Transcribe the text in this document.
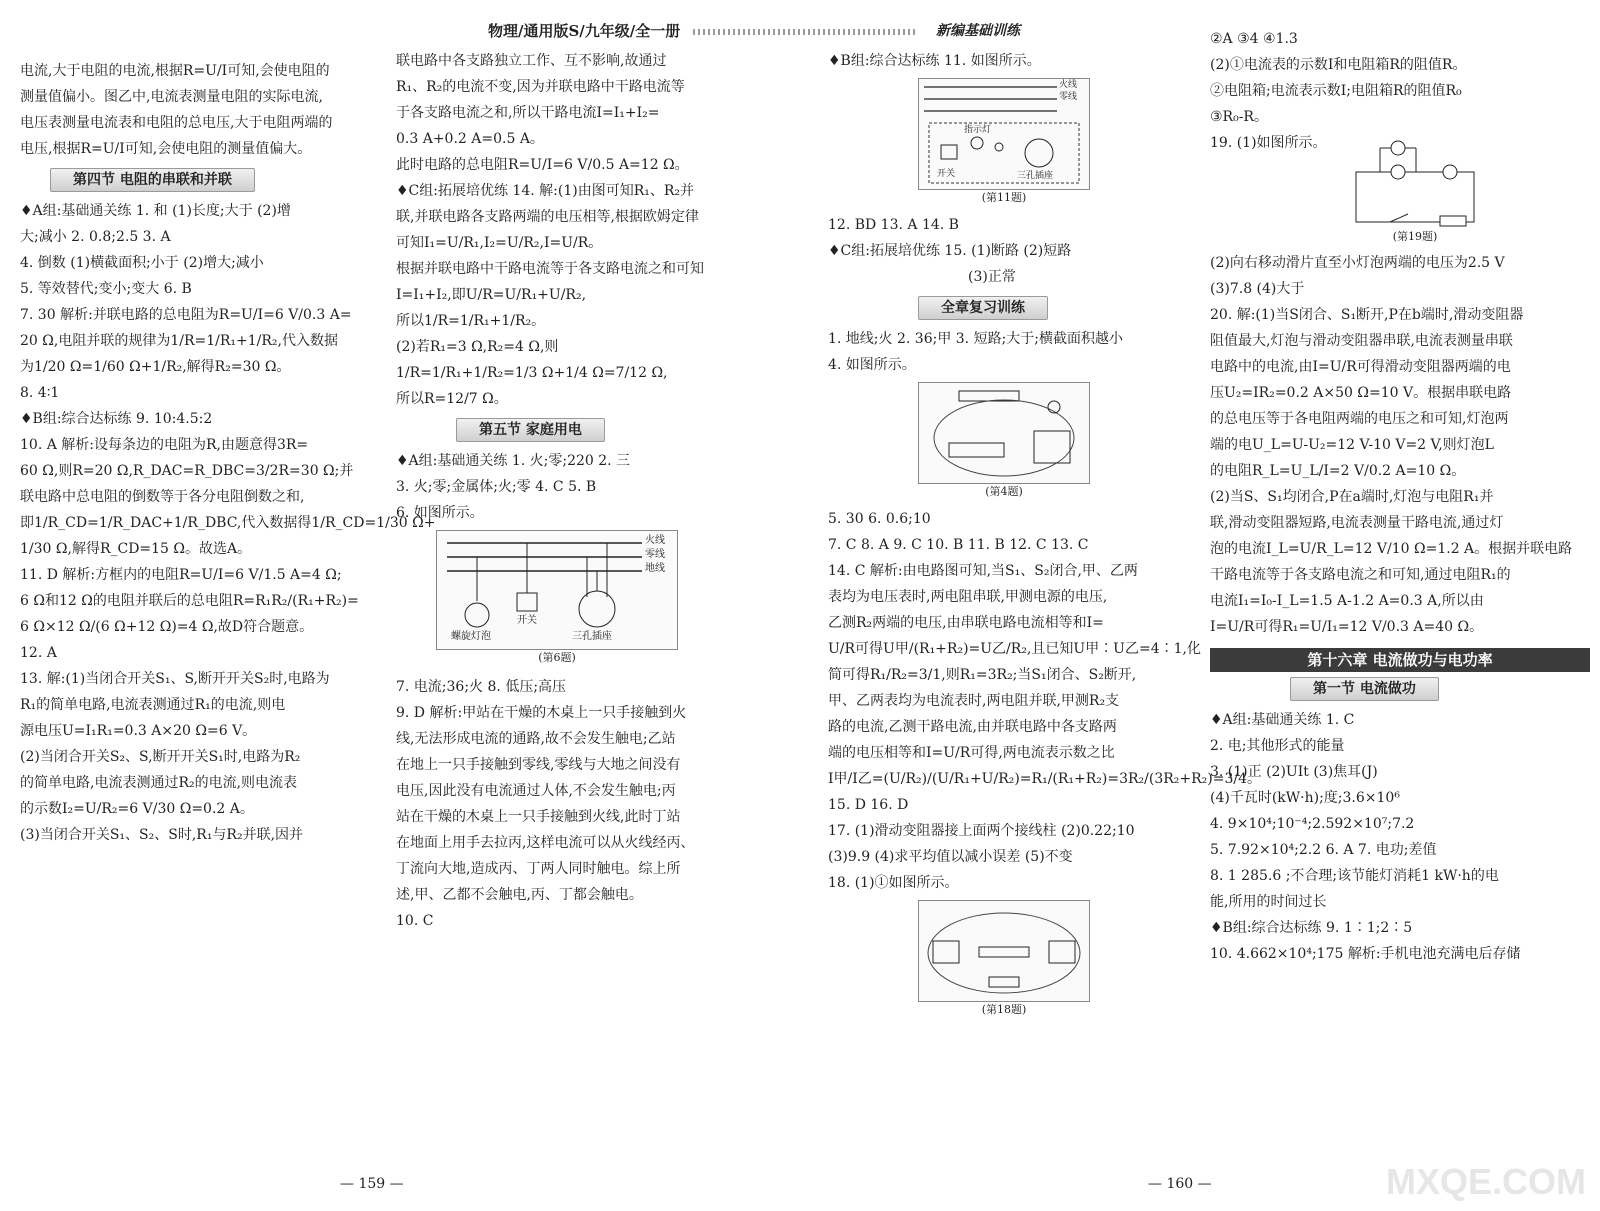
物理/通用版S/九年级/全一册	新编基础训练

电流,大于电阻的电流,根据R=U/I可知,会使电阻的

测量值偏小。图乙中,电流表测量电阻的实际电流,

电压表测量电流表和电阻的总电压,大于电阻两端的

电压,根据R=U/I可知,会使电阻的测量值偏大。

第四节 电阻的串联和并联

♦A组:基础通关练 1. 和 (1)长度;大于 (2)增

大;减小 2. 0.8;2.5 3. A

4. 倒数 (1)横截面积;小于 (2)增大;减小

5. 等效替代;变小;变大 6. B

7. 30 解析:并联电路的总电阻为R=U/I=6 V/0.3 A=

20 Ω,电阻并联的规律为1/R=1/R₁+1/R₂,代入数据

为1/20 Ω=1/60 Ω+1/R₂,解得R₂=30 Ω。

8. 4∶1

♦B组:综合达标练 9. 10:4.5:2

10. A 解析:设每条边的电阻为R,由题意得3R=

60 Ω,则R=20 Ω,R_DAC=R_DBC=3/2R=30 Ω;并

联电路中总电阻的倒数等于各分电阻倒数之和,

即1/R_CD=1/R_DAC+1/R_DBC,代入数据得1/R_CD=1/30 Ω+

1/30 Ω,解得R_CD=15 Ω。故选A。

11. D 解析:方框内的电阻R=U/I=6 V/1.5 A=4 Ω;

6 Ω和12 Ω的电阻并联后的总电阻R=R₁R₂/(R₁+R₂)=

6 Ω×12 Ω/(6 Ω+12 Ω)=4 Ω,故D符合题意。

12. A

13. 解:(1)当闭合开关S₁、S,断开开关S₂时,电路为

R₁的简单电路,电流表测通过R₁的电流,则电

源电压U=I₁R₁=0.3 A×20 Ω=6 V。

(2)当闭合开关S₂、S,断开开关S₁时,电路为R₂

的简单电路,电流表测通过R₂的电流,则电流表

的示数I₂=U/R₂=6 V/30 Ω=0.2 A。

(3)当闭合开关S₁、S₂、S时,R₁与R₂并联,因并

联电路中各支路独立工作、互不影响,故通过

R₁、R₂的电流不变,因为并联电路中干路电流等

于各支路电流之和,所以干路电流I=I₁+I₂=

0.3 A+0.2 A=0.5 A。

此时电路的总电阻R=U/I=6 V/0.5 A=12 Ω。

♦C组:拓展培优练 14. 解:(1)由图可知R₁、R₂并

联,并联电路各支路两端的电压相等,根据欧姆定律

可知I₁=U/R₁,I₂=U/R₂,I=U/R。

根据并联电路中干路电流等于各支路电流之和可知

I=I₁+I₂,即U/R=U/R₁+U/R₂,

所以1/R=1/R₁+1/R₂。

(2)若R₁=3 Ω,R₂=4 Ω,则

1/R=1/R₁+1/R₂=1/3 Ω+1/4 Ω=7/12 Ω,

所以R=12/7 Ω。

第五节 家庭用电

♦A组:基础通关练 1. 火;零;220 2. 三

3. 火;零;金属体;火;零 4. C 5. B

6. 如图所示。

火线
零线
地线
螺旋灯泡
开关
三孔插座
(第6题)

7. 电流;36;火 8. 低压;高压

9. D 解析:甲站在干燥的木桌上一只手接触到火

线,无法形成电流的通路,故不会发生触电;乙站

在地上一只手接触到零线,零线与大地之间没有

电压,因此没有电流通过人体,不会发生触电;丙

站在干燥的木桌上一只手接触到火线,此时丁站

在地面上用手去拉丙,这样电流可以从火线经丙、

丁流向大地,造成丙、丁两人同时触电。综上所

述,甲、乙都不会触电,丙、丁都会触电。

10. C

♦B组:综合达标练 11. 如图所示。

火线
零线
指示灯
开关	三孔插座
(第11题)

12. BD 13. A 14. B

♦C组:拓展培优练 15. (1)断路 (2)短路

(3)正常

全章复习训练

1. 地线;火 2. 36;甲 3. 短路;大于;横截面积越小

4. 如图所示。

(第4题)

5. 30 6. 0.6;10

7. C 8. A 9. C 10. B 11. B 12. C 13. C

14. C 解析:由电路图可知,当S₁、S₂闭合,甲、乙两

表均为电压表时,两电阻串联,甲测电源的电压,

乙测R₂两端的电压,由串联电路电流相等和I=

U/R可得U甲/(R₁+R₂)=U乙/R₂,且已知U甲∶U乙=4∶1,化

简可得R₁/R₂=3/1,则R₁=3R₂;当S₁闭合、S₂断开,

甲、乙两表均为电流表时,两电阻并联,甲测R₂支

路的电流,乙测干路电流,由并联电路中各支路两

端的电压相等和I=U/R可得,两电流表示数之比

I甲/I乙=(U/R₂)/(U/R₁+U/R₂)=R₁/(R₁+R₂)=3R₂/(3R₂+R₂)=3/4。

15. D 16. D

17. (1)滑动变阻器接上面两个接线柱 (2)0.22;10

(3)9.9 (4)求平均值以减小误差 (5)不变

18. (1)①如图所示。

(第18题)

②A ③4 ④1.3

(2)①电流表的示数I和电阻箱R的阻值R。

②电阻箱;电流表示数I;电阻箱R的阻值R₀

③R₀-R。

19. (1)如图所示。

(第19题)

(2)向右移动滑片直至小灯泡两端的电压为2.5 V

(3)7.8 (4)大于

20. 解:(1)当S闭合、S₁断开,P在b端时,滑动变阻器

阻值最大,灯泡与滑动变阻器串联,电流表测量串联

电路中的电流,由I=U/R可得滑动变阻器两端的电

压U₂=IR₂=0.2 A×50 Ω=10 V。根据串联电路

的总电压等于各电阻两端的电压之和可知,灯泡两

端的电U_L=U-U₂=12 V-10 V=2 V,则灯泡L

的电阻R_L=U_L/I=2 V/0.2 A=10 Ω。

(2)当S、S₁均闭合,P在a端时,灯泡与电阻R₁并

联,滑动变阻器短路,电流表测量干路电流,通过灯

泡的电流I_L=U/R_L=12 V/10 Ω=1.2 A。根据并联电路

干路电流等于各支路电流之和可知,通过电阻R₁的

电流I₁=I₀-I_L=1.5 A-1.2 A=0.3 A,所以由

I=U/R可得R₁=U/I₁=12 V/0.3 A=40 Ω。

第十六章 电流做功与电功率
第一节 电流做功

♦A组:基础通关练 1. C

2. 电;其他形式的能量

3. (1)正 (2)UIt (3)焦耳(J)

(4)千瓦时(kW·h);度;3.6×10⁶

4. 9×10⁴;10⁻⁴;2.592×10⁷;7.2

5. 7.92×10⁴;2.2 6. A 7. 电功;差值

8. 1 285.6 ;不合理;该节能灯消耗1 kW·h的电

能,所用的时间过长

♦B组:综合达标练 9. 1∶1;2∶5

10. 4.662×10⁴;175 解析:手机电池充满电后存储

— 159 —	— 160 —	MXQE.COM
